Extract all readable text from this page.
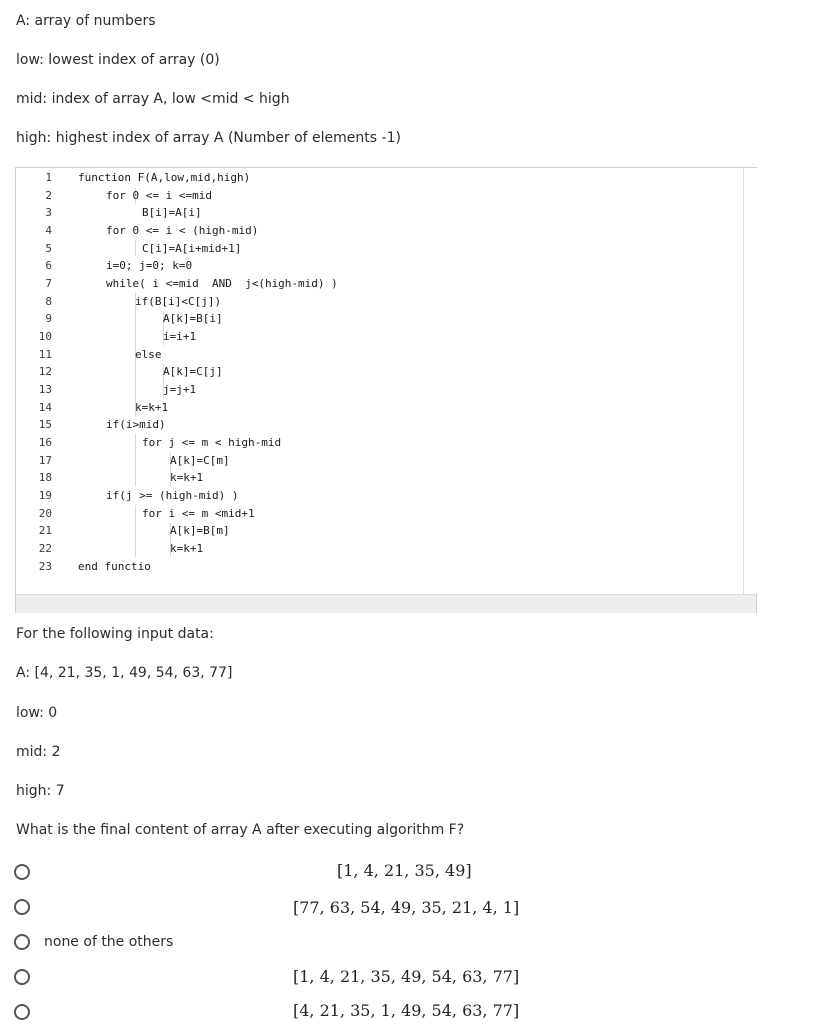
A: array of numbers
low: lowest index of array (0)
mid: index of array A, low <mid < high
high: highest index of array A (Number of elements -1)
1
2
3
4
5
6
7
8
9
10
11
12
13
14
15
16
17
18
19
20
21
22
23
function F(A,low,mid,high)
for 0 <= i <=mid
B[i]=A[i]
for 0 <= i < (high-mid)
C[i]=A[i+mid+1]
i=0; j=0; k=0
while( i <=mid  AND  j<(high-mid) )
if(B[i]<C[j])
A[k]=B[i]
i=i+1
else
A[k]=C[j]
j=j+1
k=k+1
if(i>mid)
for j <= m < high-mid
A[k]=C[m]
k=k+1
if(j >= (high-mid) )
for i <= m <mid+1
A[k]=B[m]
k=k+1
end functio
For the following input data:
A: [4, 21, 35, 1, 49, 54, 63, 77]
low: 0
mid: 2
high: 7
What is the final content of array A after executing algorithm F?
[1, 4, 21, 35, 49]
[77, 63, 54, 49, 35, 21, 4, 1]
none of the others
[1, 4, 21, 35, 49, 54, 63, 77]
[4, 21, 35, 1, 49, 54, 63, 77]
